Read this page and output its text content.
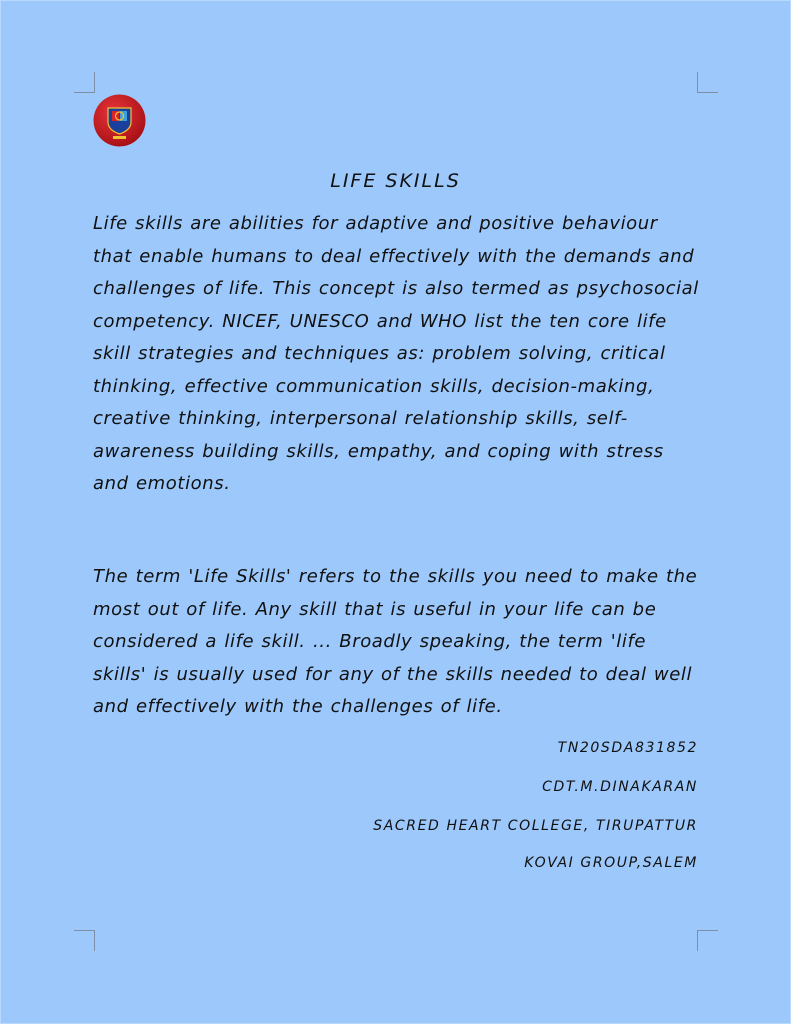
LIFE SKILLS

Life skills are abilities for adaptive and positive behaviour that enable humans to deal effectively with the demands and challenges of life. This concept is also termed as psychosocial competency. NICEF, UNESCO and WHO list the ten core life skill strategies and techniques as: problem solving, critical thinking, effective communication skills, decision-making, creative thinking, interpersonal relationship skills, self- awareness building skills, empathy, and coping with stress and emotions.

The term 'Life Skills' refers to the skills you need to make the most out of life. Any skill that is useful in your life can be considered a life skill. ... Broadly speaking, the term 'life skills' is usually used for any of the skills needed to deal well and effectively with the challenges of life.

TN20SDA831852

CDT.M.DINAKARAN

SACRED HEART COLLEGE, TIRUPATTUR

KOVAI GROUP,SALEM
